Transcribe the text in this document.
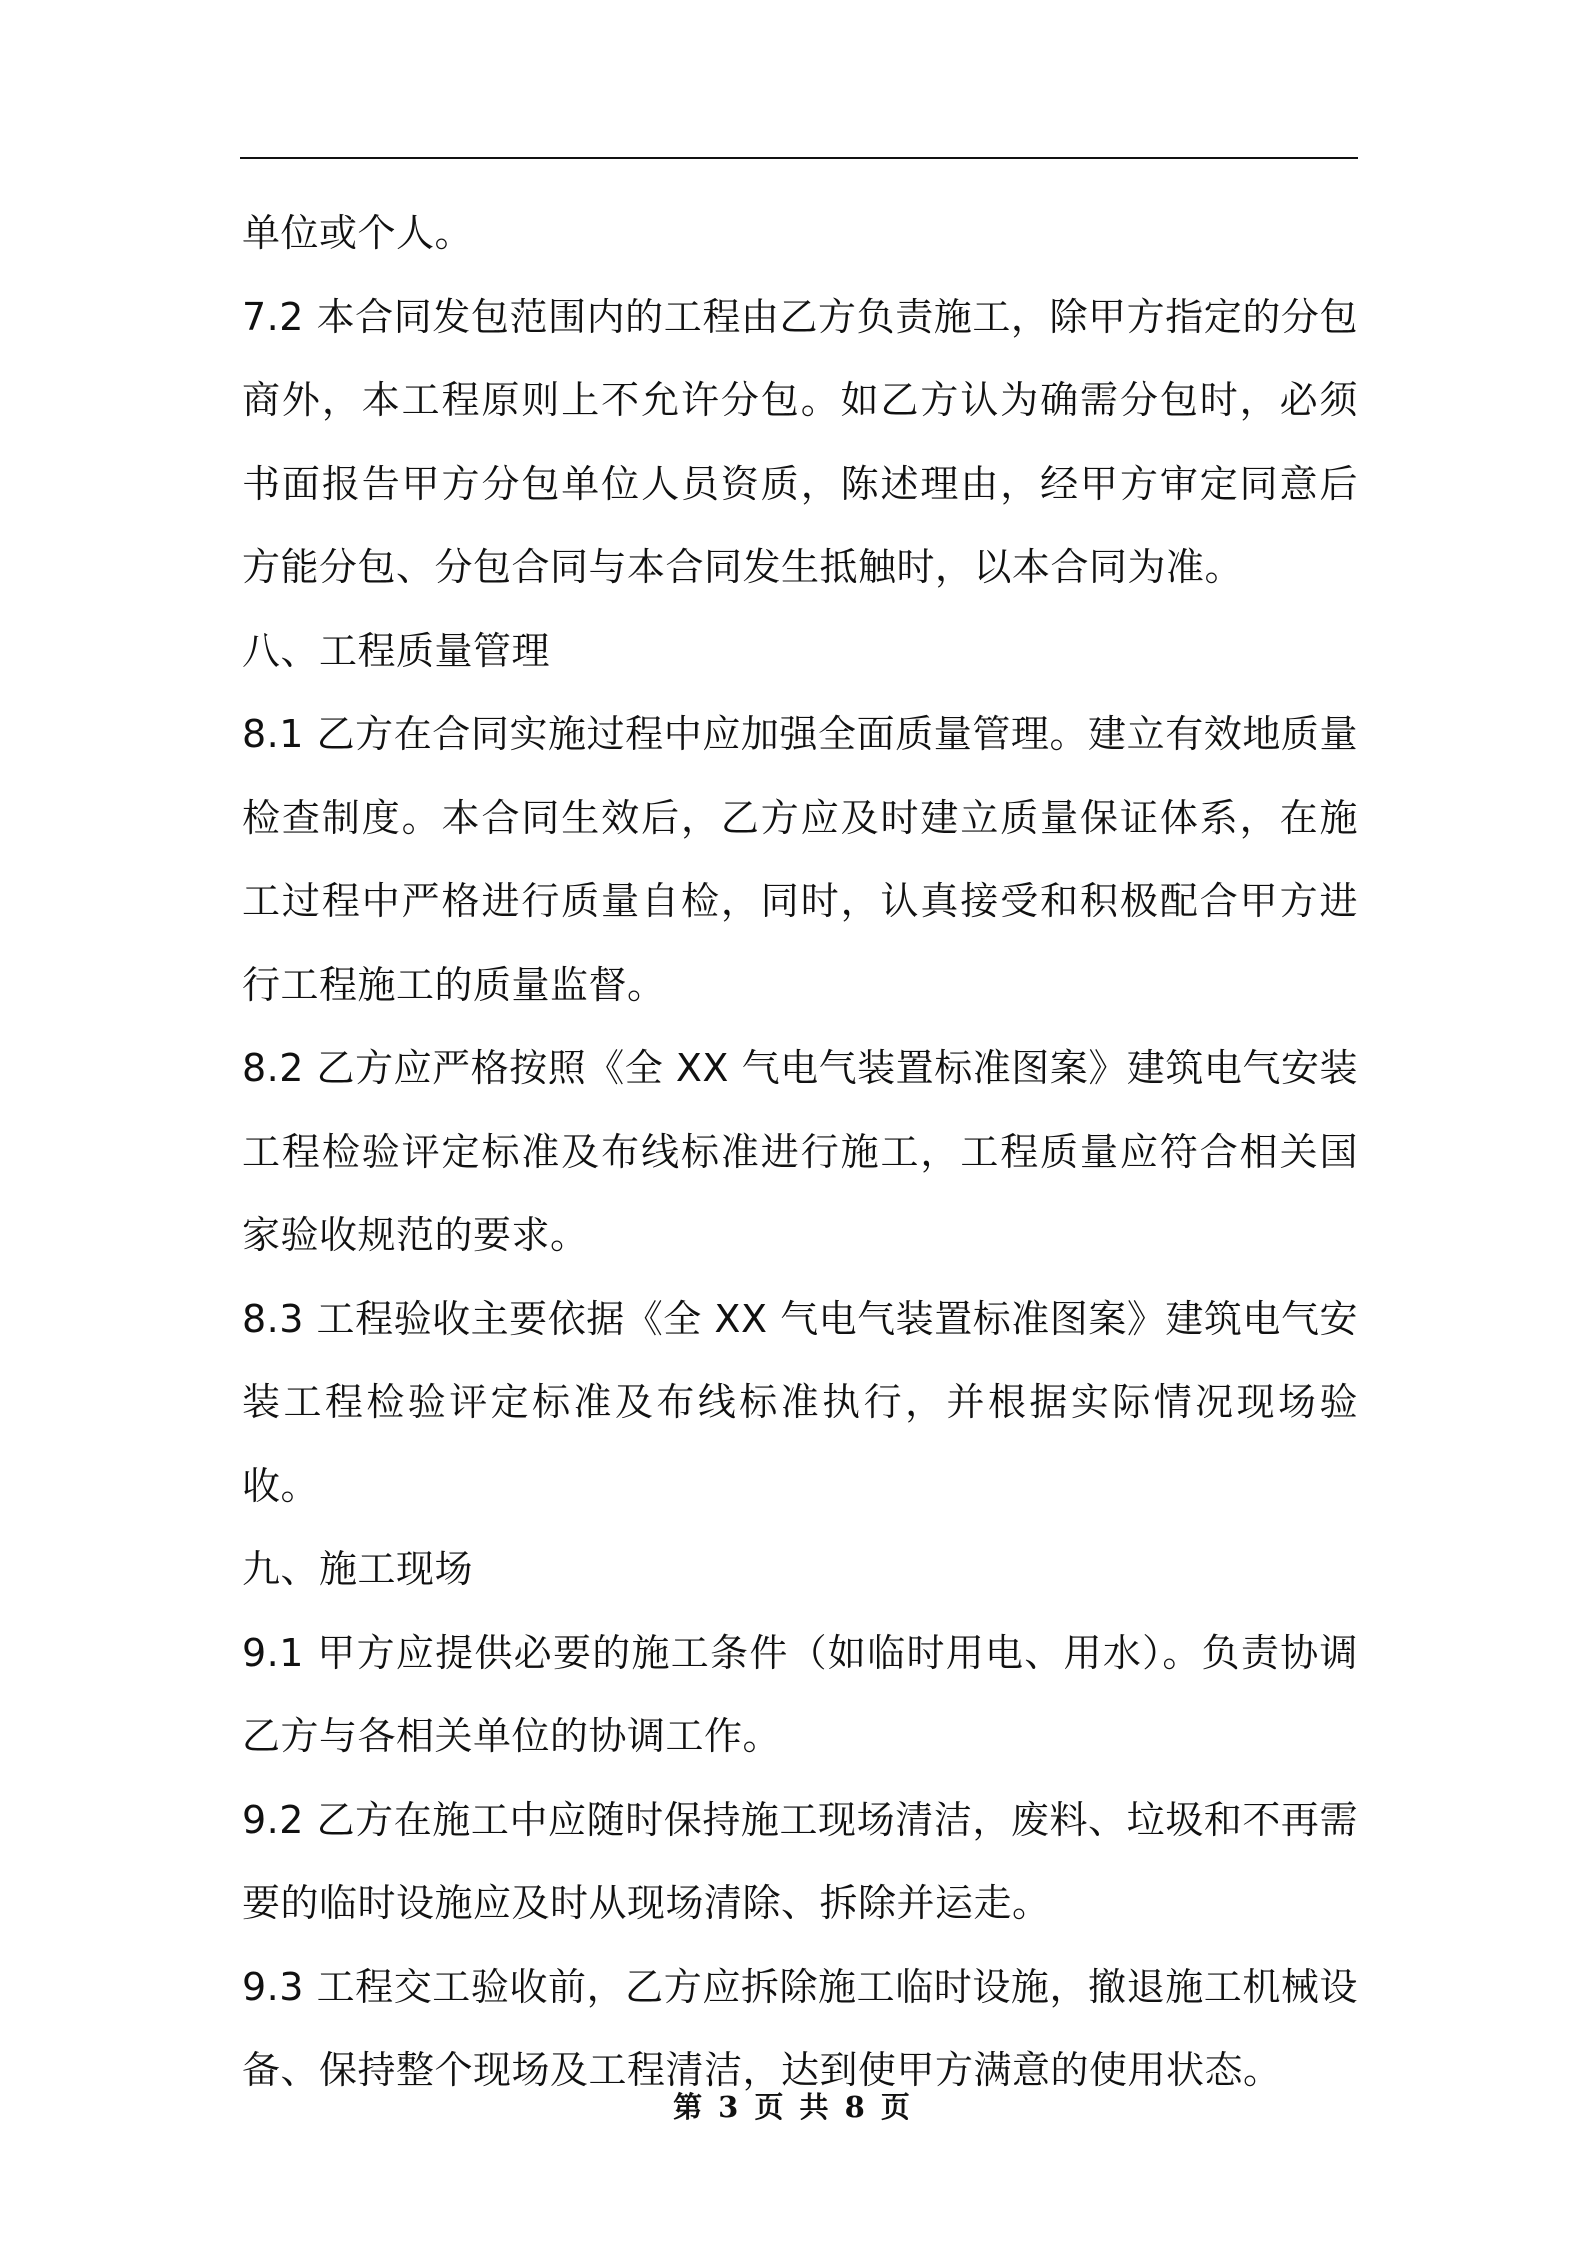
单位或个人。

7.2 本合同发包范围内的工程由乙方负责施工，除甲方指定的分包商外，本工程原则上不允许分包。如乙方认为确需分包时，必须书面报告甲方分包单位人员资质，陈述理由，经甲方审定同意后方能分包、分包合同与本合同发生抵触时，以本合同为准。

八、工程质量管理

8.1 乙方在合同实施过程中应加强全面质量管理。建立有效地质量检查制度。本合同生效后，乙方应及时建立质量保证体系，在施工过程中严格进行质量自检，同时，认真接受和积极配合甲方进行工程施工的质量监督。

8.2 乙方应严格按照《全 XX 气电气装置标准图案》建筑电气安装工程检验评定标准及布线标准进行施工，工程质量应符合相关国家验收规范的要求。

8.3 工程验收主要依据《全 XX 气电气装置标准图案》建筑电气安装工程检验评定标准及布线标准执行，并根据实际情况现场验收。

九、施工现场

9.1 甲方应提供必要的施工条件（如临时用电、用水）。负责协调乙方与各相关单位的协调工作。

9.2 乙方在施工中应随时保持施工现场清洁，废料、垃圾和不再需要的临时设施应及时从现场清除、拆除并运走。

9.3 工程交工验收前，乙方应拆除施工临时设施，撤退施工机械设备、保持整个现场及工程清洁，达到使甲方满意的使用状态。

第 3 页 共 8 页
